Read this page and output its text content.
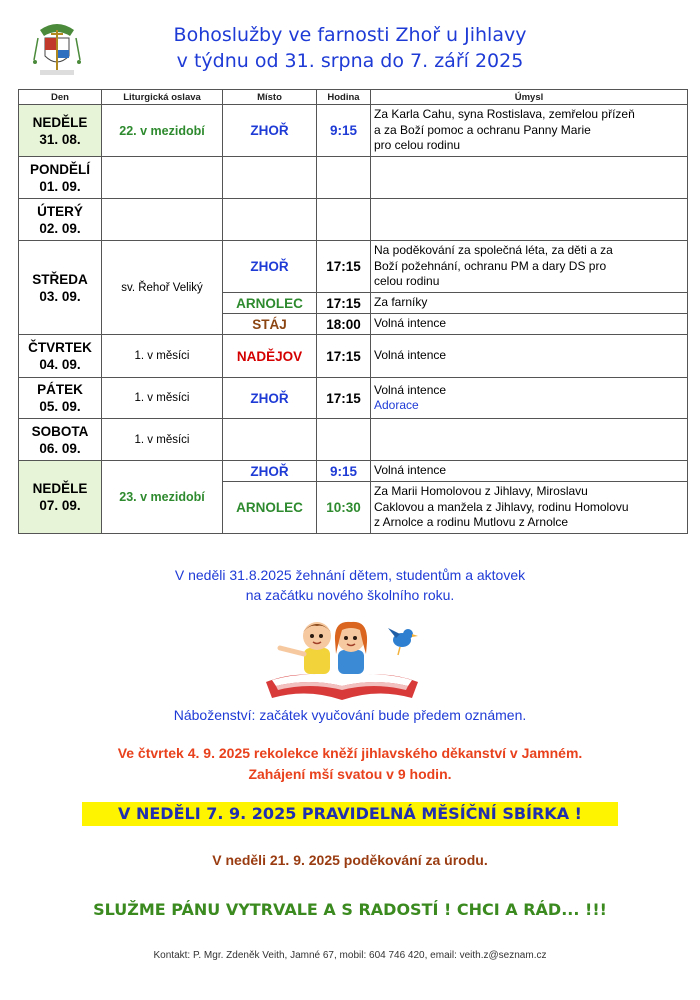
Bohoslužby ve farnosti Zhoř u Jihlavy
v týdnu od 31. srpna do 7. září 2025
Den	Liturgická oslava	Místo	Hodina	Úmysl
NEDĚLE
31. 08.	22. v mezidobí	ZHOŘ	9:15	Za Karla Cahu, syna Rostislava, zemřelou přízeň
a za Boží pomoc a ochranu Panny Marie
pro celou rodinu
PONDĚLÍ
01. 09.				
ÚTERÝ
02. 09.				
STŘEDA
03. 09.	sv. Řehoř Veliký	ZHOŘ	17:15	Na poděkování za společná léta, za děti a za
Boží požehnání, ochranu PM a dary DS pro
celou rodinu
		ARNOLEC	17:15	Za farníky
		STÁJ	18:00	Volná intence
ČTVRTEK
04. 09.	1. v měsíci	NADĚJOV	17:15	Volná intence
PÁTEK
05. 09.	1. v měsíci	ZHOŘ	17:15	Volná intence
Adorace
SOBOTA
06. 09.	1. v měsíci			
NEDĚLE
07. 09.	23. v mezidobí	ZHOŘ	9:15	Volná intence
		ARNOLEC	10:30	Za Marii Homolovou z Jihlavy, Miroslavu
Caklovou a manžela z Jihlavy, rodinu Homolovu
z Arnolce a rodinu Mutlovu z Arnolce
V neděli 31.8.2025 žehnání dětem, studentům a aktovek
na začátku nového školního roku.
Náboženství: začátek vyučování bude předem oznámen.
Ve čtvrtek 4. 9. 2025 rekolekce kněží jihlavského děkanství v Jamném.
Zahájení mší svatou v 9 hodin.
V NEDĚLI 7. 9. 2025 PRAVIDELNÁ MĚSÍČNÍ SBÍRKA !
V neděli 21. 9. 2025 poděkování za úrodu.
SLUŽME PÁNU VYTRVALE A S RADOSTÍ ! CHCI A RÁD... !!!
Kontakt: P. Mgr. Zdeněk Veith, Jamné 67, mobil: 604 746 420, email: veith.z@seznam.cz
